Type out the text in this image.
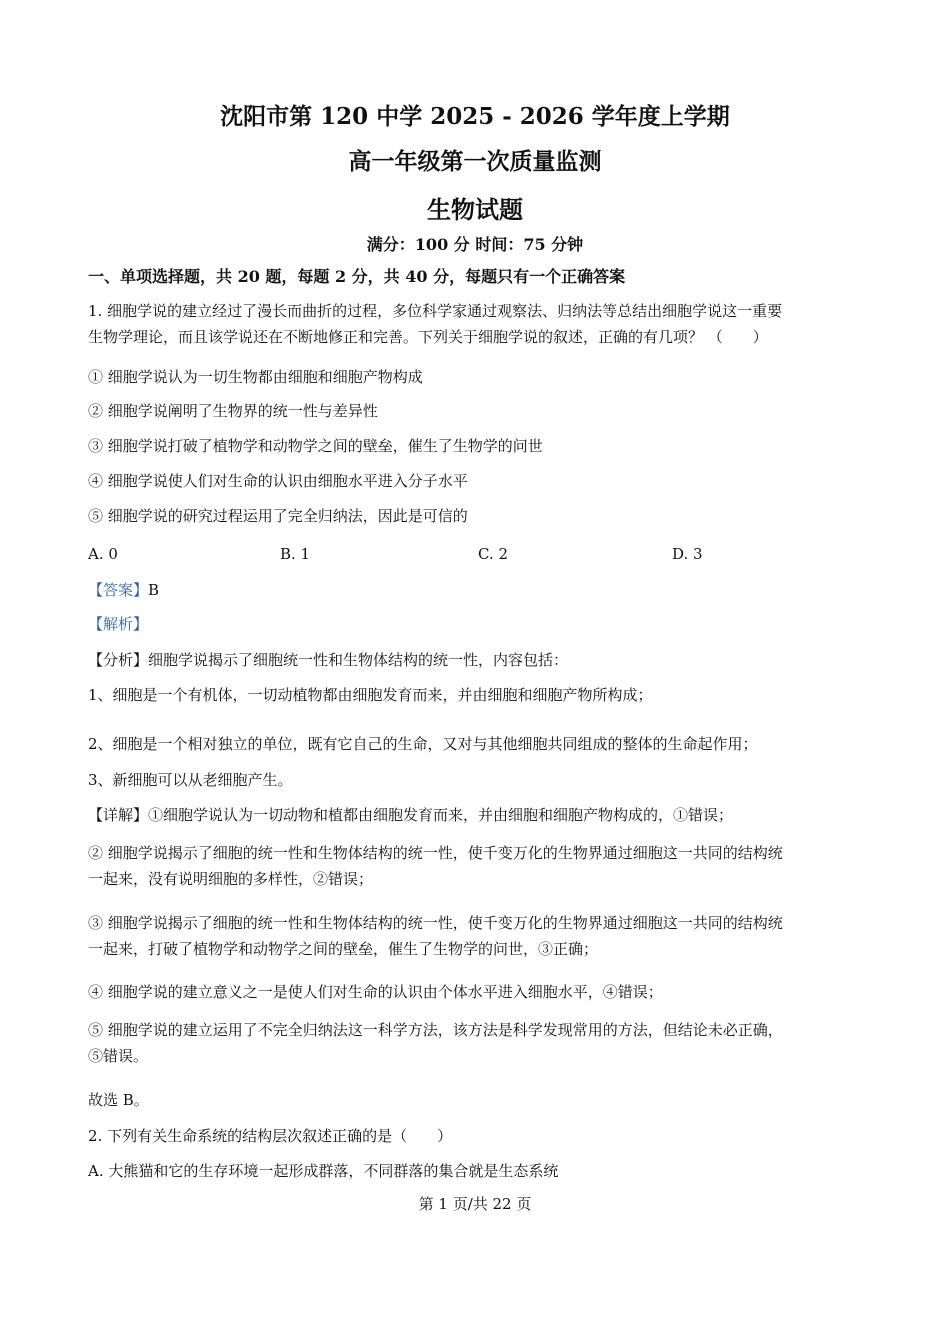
沈阳市第 120 中学 2025 - 2026 学年度上学期
高一年级第一次质量监测
生物试题
满分：100 分 时间：75 分钟
一、单项选择题，共 20 题，每题 2 分，共 40 分，每题只有一个正确答案
1. 细胞学说的建立经过了漫长而曲折的过程，多位科学家通过观察法、归纳法等总结出细胞学说这一重要
生物学理论，而且该学说还在不断地修正和完善。下列关于细胞学说的叙述，正确的有几项？ （　　）
① 细胞学说认为一切生物都由细胞和细胞产物构成
② 细胞学说阐明了生物界的统一性与差异性
③ 细胞学说打破了植物学和动物学之间的壁垒，催生了生物学的问世
④ 细胞学说使人们对生命的认识由细胞水平进入分子水平
⑤ 细胞学说的研究过程运用了完全归纳法，因此是可信的
A. 0	B. 1	C. 2	D. 3
【答案】B
【解析】
【分析】细胞学说揭示了细胞统一性和生物体结构的统一性，内容包括：
1、细胞是一个有机体，一切动植物都由细胞发育而来，并由细胞和细胞产物所构成；
2、细胞是一个相对独立的单位，既有它自己的生命，又对与其他细胞共同组成的整体的生命起作用；
3、新细胞可以从老细胞产生。
【详解】①细胞学说认为一切动物和植都由细胞发育而来，并由细胞和细胞产物构成的，①错误；
② 细胞学说揭示了细胞的统一性和生物体结构的统一性，使千变万化的生物界通过细胞这一共同的结构统
一起来，没有说明细胞的多样性，②错误；
③ 细胞学说揭示了细胞的统一性和生物体结构的统一性，使千变万化的生物界通过细胞这一共同的结构统
一起来，打破了植物学和动物学之间的壁垒，催生了生物学的问世，③正确；
④ 细胞学说的建立意义之一是使人们对生命的认识由个体水平进入细胞水平，④错误；
⑤ 细胞学说的建立运用了不完全归纳法这一科学方法，该方法是科学发现常用的方法，但结论未必正确，
⑤错误。
故选 B。
2. 下列有关生命系统的结构层次叙述正确的是（　　）
A. 大熊猫和它的生存环境一起形成群落，不同群落的集合就是生态系统
第 1 页/共 22 页
